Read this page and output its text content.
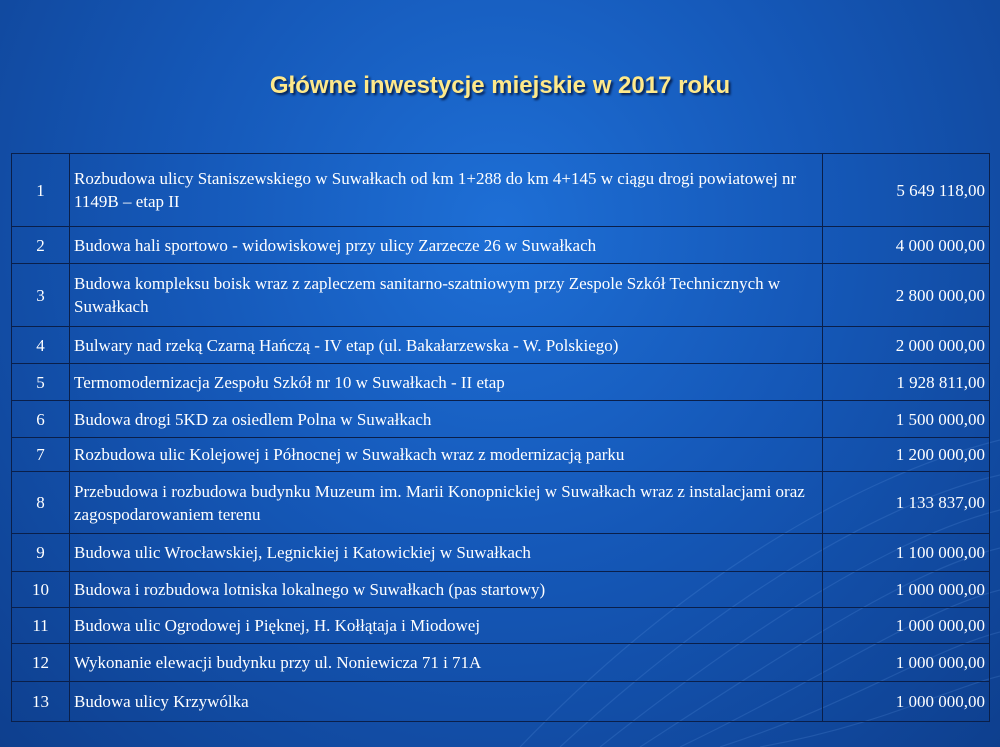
Główne inwestycje miejskie w 2017 roku
1	Rozbudowa ulicy Staniszewskiego w Suwałkach od km 1+288 do km 4+145 w ciągu drogi powiatowej nr 1149B – etap II	5 649 118,00
2	Budowa hali sportowo - widowiskowej przy ulicy Zarzecze 26 w Suwałkach	4 000 000,00
3	Budowa kompleksu boisk wraz z zapleczem sanitarno-szatniowym przy Zespole Szkół Technicznych w Suwałkach	2 800 000,00
4	Bulwary nad rzeką Czarną Hańczą - IV etap (ul. Bakałarzewska - W. Polskiego)	2 000 000,00
5	Termomodernizacja Zespołu Szkół nr 10 w Suwałkach - II etap	1 928 811,00
6	Budowa drogi 5KD za osiedlem Polna w Suwałkach	1 500 000,00
7	Rozbudowa ulic Kolejowej i Północnej w Suwałkach wraz z modernizacją parku	1 200 000,00
8	Przebudowa i rozbudowa budynku Muzeum im. Marii Konopnickiej w Suwałkach wraz z instalacjami oraz zagospodarowaniem terenu	1 133 837,00
9	Budowa ulic Wrocławskiej, Legnickiej i Katowickiej w Suwałkach	1 100 000,00
10	Budowa i rozbudowa lotniska lokalnego w Suwałkach (pas startowy)	1 000 000,00
11	Budowa ulic Ogrodowej i Pięknej, H. Kołłątaja i Miodowej	1 000 000,00
12	Wykonanie elewacji budynku przy ul. Noniewicza 71 i 71A	1 000 000,00
13	Budowa ulicy Krzywólka	1 000 000,00
